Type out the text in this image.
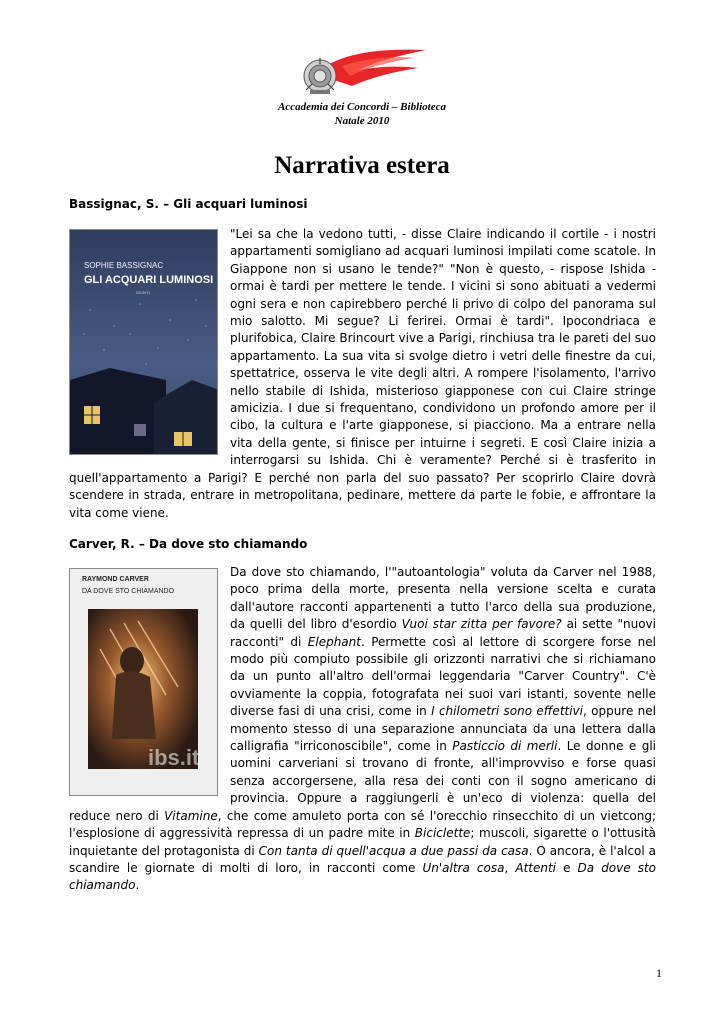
Accademia dei Concordi – Biblioteca
Natale 2010
Narrativa estera
Bassignac, S. – Gli acquari luminosi
SOPHIE BASSIGNAC
GLI ACQUARI LUMINOSI
GIUNTI

"Lei sa che la vedono tutti, - disse Claire indicando il cortile - i nostri appartamenti somigliano ad acquari luminosi impilati come scatole. In Giappone non si usano le tende?" "Non è questo, - rispose Ishida - ormai è tardi per mettere le tende. I vicini si sono abituati a vedermi ogni sera e non capirebbero perché li privo di colpo del panorama sul mio salotto. Mi segue? Li ferirei. Ormai è tardi". Ipocondriaca e plurifobica, Claire Brincourt vive a Parigi, rinchiusa tra le pareti del suo appartamento. La sua vita si svolge dietro i vetri delle finestre da cui, spettatrice, osserva le vite degli altri. A rompere l'isolamento, l'arrivo nello stabile di Ishida, misterioso giapponese con cui Claire stringe amicizia. I due si frequentano, condividono un profondo amore per il cibo, la cultura e l'arte giapponese, si piacciono. Ma a entrare nella vita della gente, si finisce per intuirne i segreti. E così Claire inizia a interrogarsi su Ishida. Chi è veramente? Perché si è trasferito in quell'appartamento a Parigi? E perché non parla del suo passato? Per scoprirlo Claire dovrà scendere in strada, entrare in metropolitana, pedinare, mettere da parte le fobie, e affrontare la vita come viene.

Carver, R. – Da dove sto chiamando
RAYMOND CARVER
DA DOVE STO CHIAMANDO
ibs.it

Da dove sto chiamando, l'"autoantologia" voluta da Carver nel 1988, poco prima della morte, presenta nella versione scelta e curata dall'autore racconti appartenenti a tutto l'arco della sua produzione, da quelli del libro d'esordio Vuoi star zitta per favore? ai sette "nuovi racconti" di Elephant. Permette così al lettore di scorgere forse nel modo più compiuto possibile gli orizzonti narrativi che si richiamano da un punto all'altro dell'ormai leggendaria "Carver Country". C'è ovviamente la coppia, fotografata nei suoi vari istanti, sovente nelle diverse fasi di una crisi, come in I chilometri sono effettivi, oppure nel momento stesso di una separazione annunciata da una lettera dalla calligrafia "irriconoscibile", come in Pasticcio di merli. Le donne e gli uomini carveriani si trovano di fronte, all'improvviso e forse quasi senza accorgersene, alla resa dei conti con il sogno americano di provincia. Oppure a raggiungerli è un'eco di violenza: quella del reduce nero di Vitamine, che come amuleto porta con sé l'orecchio rinsecchito di un vietcong; l'esplosione di aggressività repressa di un padre mite in Biciclette; muscoli, sigarette o l'ottusità inquietante del protagonista di Con tanta di quell'acqua a due passi da casa. O ancora, è l'alcol a scandire le giornate di molti di loro, in racconti come Un'altra cosa, Attenti e Da dove sto chiamando.

1
